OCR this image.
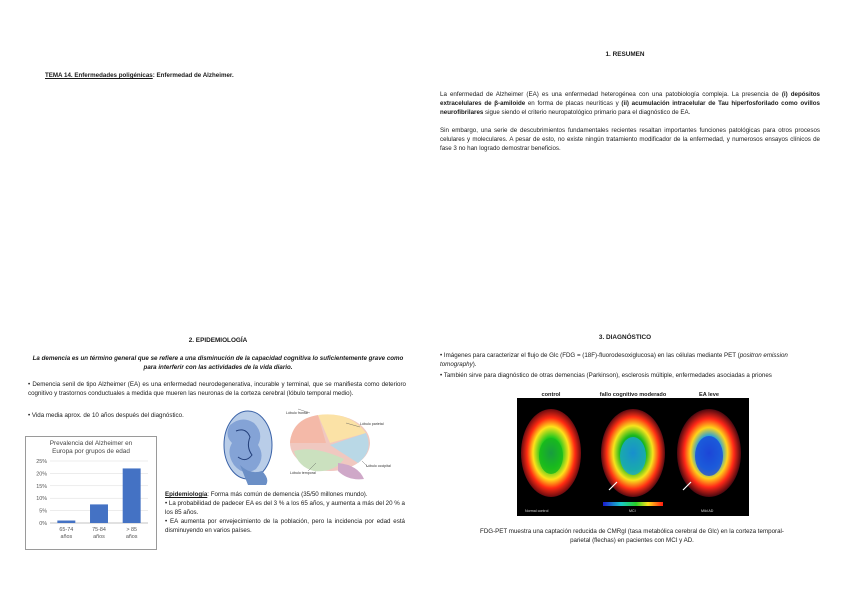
TEMA 14. Enfermedades poligénicas: Enfermedad de Alzheimer.
1. RESUMEN
La enfermedad de Alzheimer (EA) es una enfermedad heterogénea con una patobiología compleja. La presencia de (i) depósitos extracelulares de β-amiloide en forma de placas neuríticas y (ii) acumulación intracelular de Tau hiperfosforilado como ovillos neurofibrilares sigue siendo el criterio neuropatológico primario para el diagnóstico de EA.
Sin embargo, una serie de descubrimientos fundamentales recientes resaltan importantes funciones patológicas para otros procesos celulares y moleculares. A pesar de esto, no existe ningún tratamiento modificador de la enfermedad, y numerosos ensayos clínicos de fase 3 no han logrado demostrar beneficios.
2. EPIDEMIOLOGÍA
La demencia es un término general que se refiere a una disminución de la capacidad cognitiva lo suficientemente grave como para interferir con las actividades de la vida diario.
• Demencia senil de tipo Alzheimer (EA) es una enfermedad neurodegenerativa, incurable y terminal, que se manifiesta como deterioro cognitivo y trastornos conductuales a medida que mueren las neuronas de la corteza cerebral (lóbulo temporal medio).
• Vida media aprox. de 10 años después del diagnóstico.
Prevalencia del Alzheimer en
Europa por grupos de edad
0%
5%
10%
15%
20%
25%
65-74
años
75-84
años
> 85
años
Lóbulo frontal
Lóbulo parietal
Lóbulo temporal
Lóbulo occipital
Epidemiología: Forma más común de demencia (35/50 millones mundo).
• La probabilidad de padecer EA es del 3 % a los 65 años, y aumenta a más del 20 % a los 85 años.
• EA aumenta por envejecimiento de la población, pero la incidencia por edad está disminuyendo en varios países.
3. DIAGNÓSTICO
• Imágenes para caracterizar el flujo de Glc (FDG = (18F)-fluorodesoxiglucosa) en las células mediante PET (positron emission tomography).
• También sirve para diagnóstico de otras demencias (Parkinson), esclerosis múltiple, enfermedades asociadas a priones
control	fallo cognitivo moderado	EA leve
Normal control	MCI	Mild AD
FDG-PET muestra una captación reducida de CMRgl (tasa metabólica cerebral de Glc) en la corteza temporal-parietal (flechas) en pacientes con MCI y AD.
